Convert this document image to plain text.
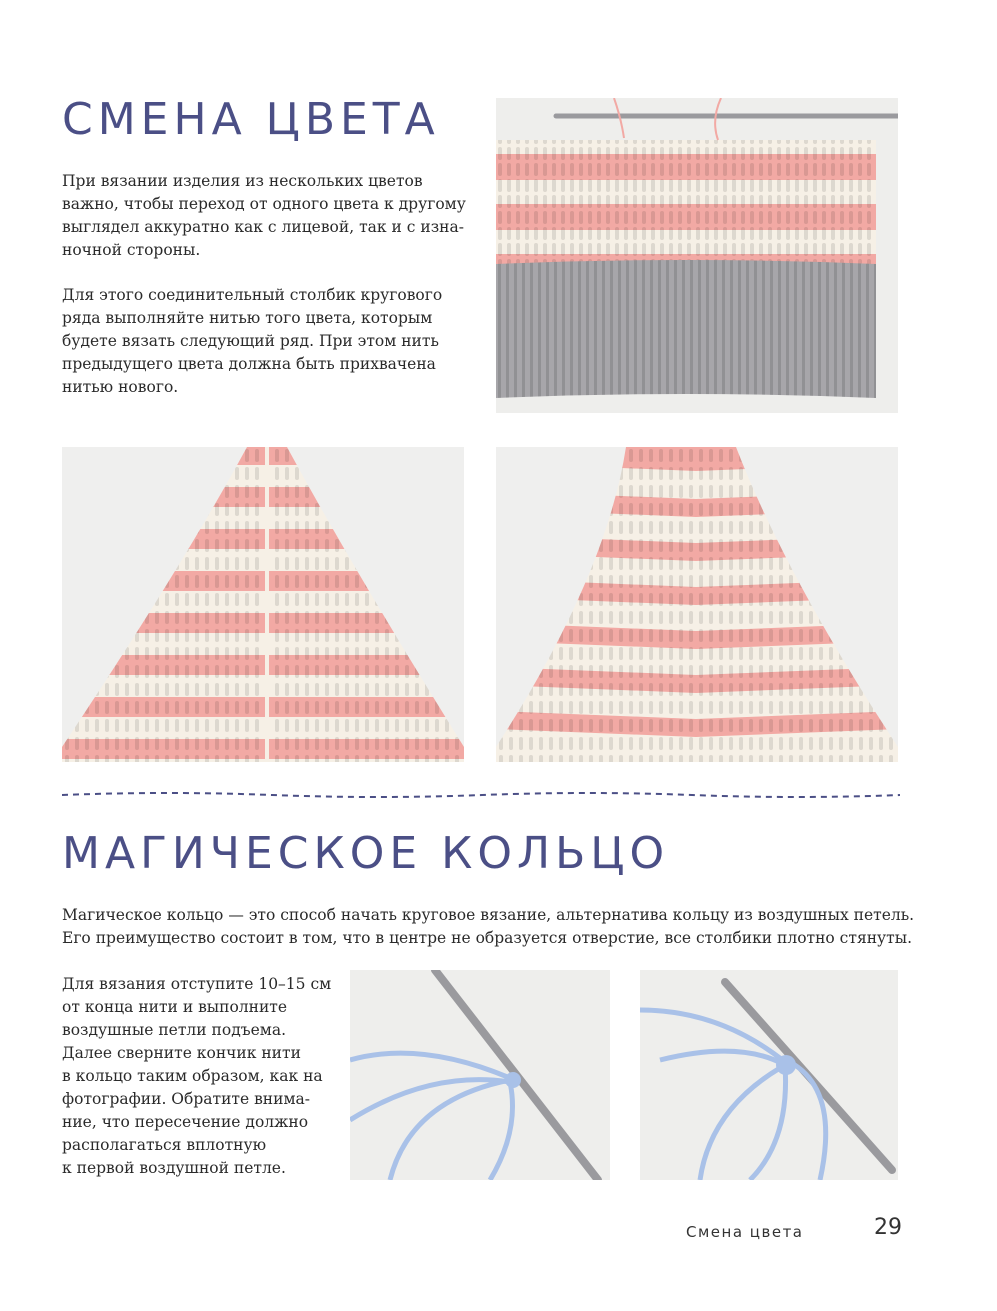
СМЕНА ЦВЕТА
При вязании изделия из нескольких цветов
важно, чтобы переход от одного цвета к другому
выглядел аккуратно как с лицевой, так и с изна-
ночной стороны.
Для этого соединительный столбик кругового
ряда выполняйте нитью того цвета, которым
будете вязать следующий ряд. При этом нить
предыдущего цвета должна быть прихвачена
нитью нового.
МАГИЧЕСКОЕ КОЛЬЦО
Магическое кольцо — это способ начать круговое вязание, альтернатива кольцу из воздушных петель.
Его преимущество состоит в том, что в центре не образуется отверстие, все столбики плотно стянуты.
Для вязания отступите 10–15 см
от конца нити и выполните
воздушные петли подъема.
Далее сверните кончик нити
в кольцо таким образом, как на
фотографии. Обратите внима-
ние, что пересечение должно
располагаться вплотную
к первой воздушной петле.
Смена цвета	29
